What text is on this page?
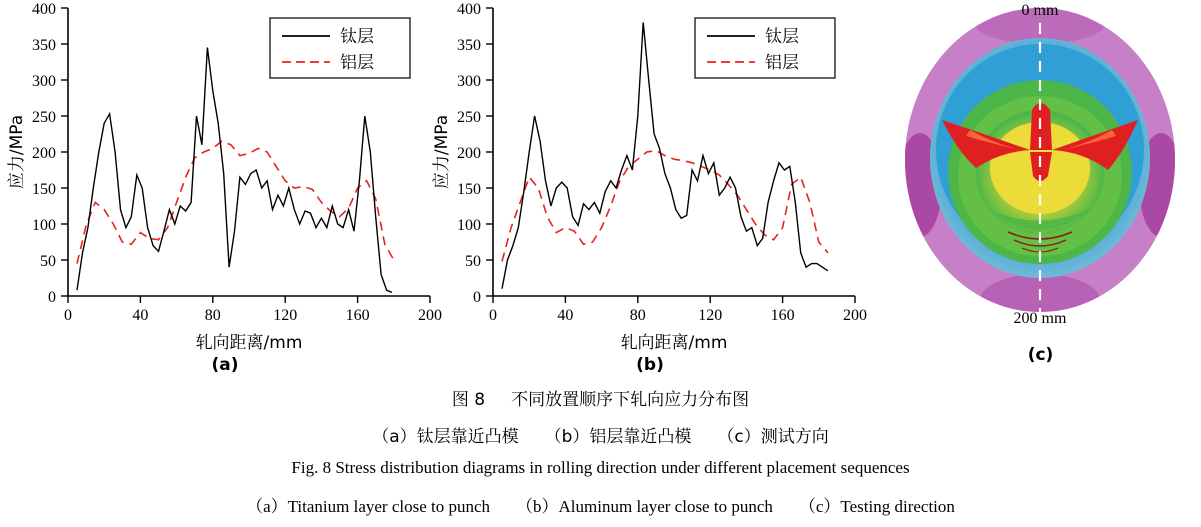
0
50
100
150
200
250
300
350
400
0	40	80	120	160	200
应力/MPa
轧向距离/mm
钛层
铝层
(a)
0
50
100
150
200
250
300
350
400
0	40	80	120	160	200
应力/MPa
轧向距离/mm
钛层
铝层
(b)
0 mm
200 mm
(c)
图 8 不同放置顺序下轧向应力分布图
（a）钛层靠近凸模 （b）铝层靠近凸模 （c）测试方向
Fig. 8 Stress distribution diagrams in rolling direction under different placement sequences
（a）Titanium layer close to punch （b）Aluminum layer close to punch （c）Testing direction
